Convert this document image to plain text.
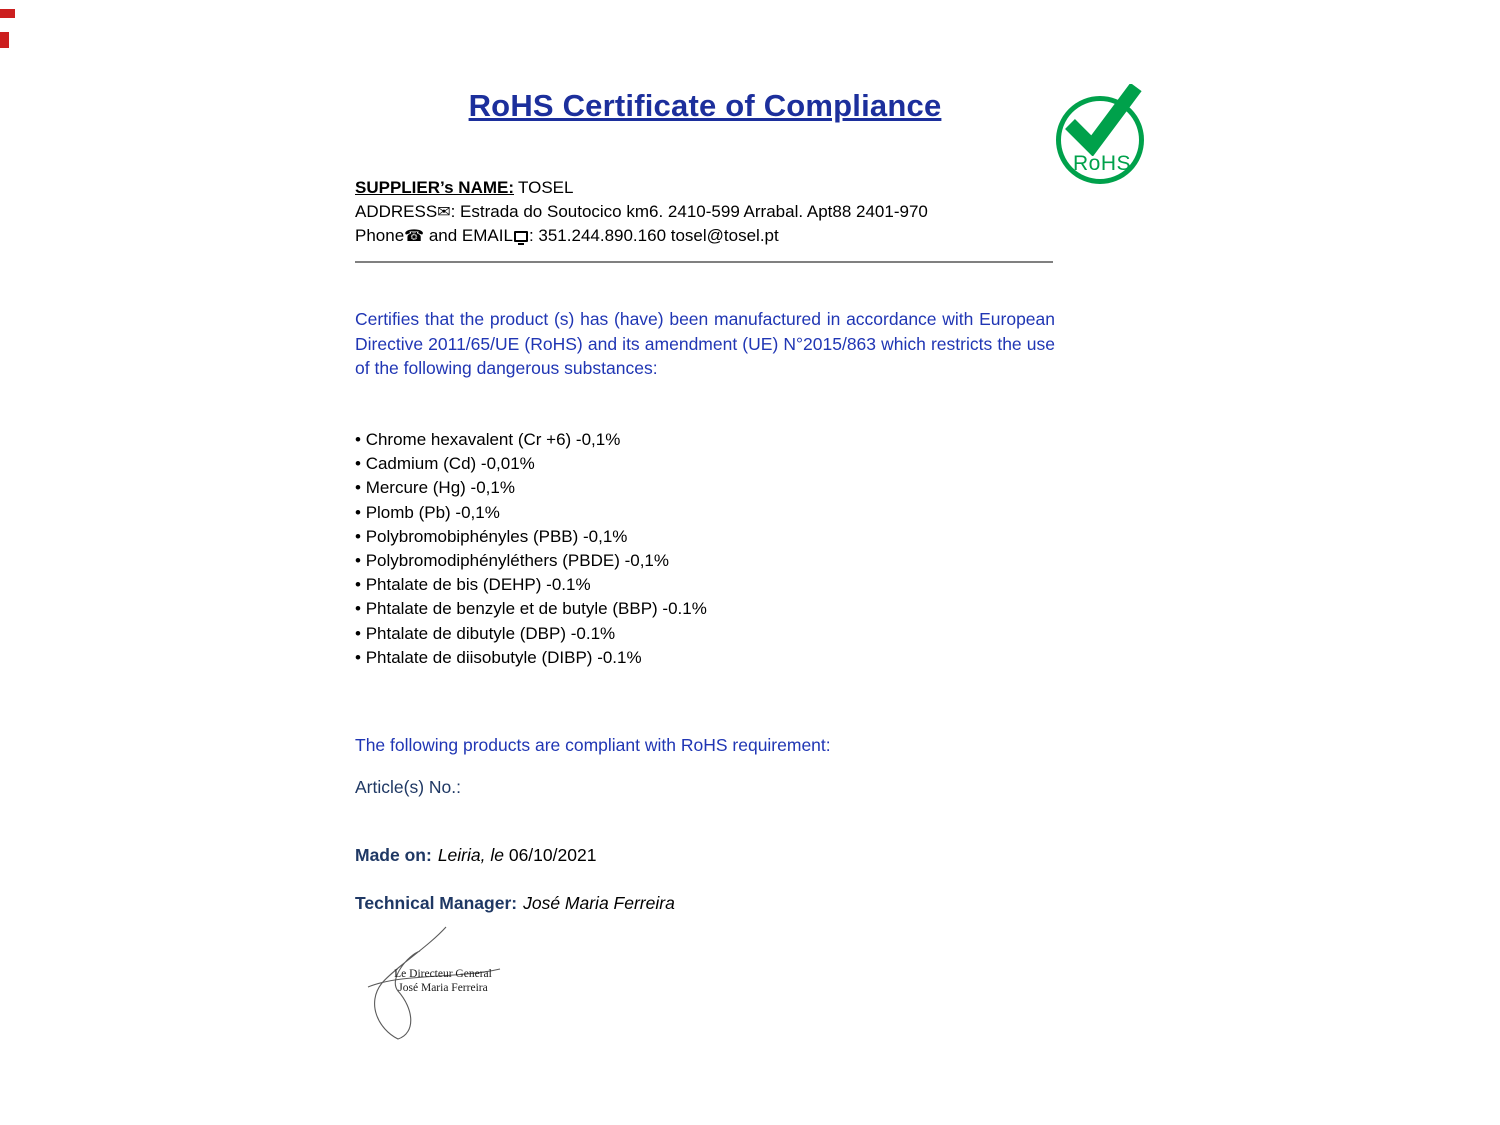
RoHS Certificate of Compliance
RoHS
SUPPLIER’s NAME: TOSEL
ADDRESS✉: Estrada do Soutocico km6. 2410-599 Arrabal. Apt88 2401-970
Phone☎ and EMAIL : 351.244.890.160 tosel@tosel.pt
Certifies that the product (s) has (have) been manufactured in accordance with European Directive 2011/65/UE (RoHS) and its amendment (UE) N°2015/863 which restricts the use of the following dangerous substances:
• Chrome hexavalent (Cr +6) -0,1%
• Cadmium (Cd) -0,01%
• Mercure (Hg) -0,1%
• Plomb (Pb) -0,1%
• Polybromobiphényles (PBB) -0,1%
• Polybromodiphényléthers (PBDE) -0,1%
• Phtalate de bis (DEHP) -0.1%
• Phtalate de benzyle et de butyle (BBP) -0.1%
• Phtalate de dibutyle (DBP) -0.1%
• Phtalate de diisobutyle (DIBP) -0.1%
The following products are compliant with RoHS requirement:
Article(s) No.:
Made on: Leiria, le 06/10/2021
Technical Manager: José Maria Ferreira
Le Directeur General
José Maria Ferreira
